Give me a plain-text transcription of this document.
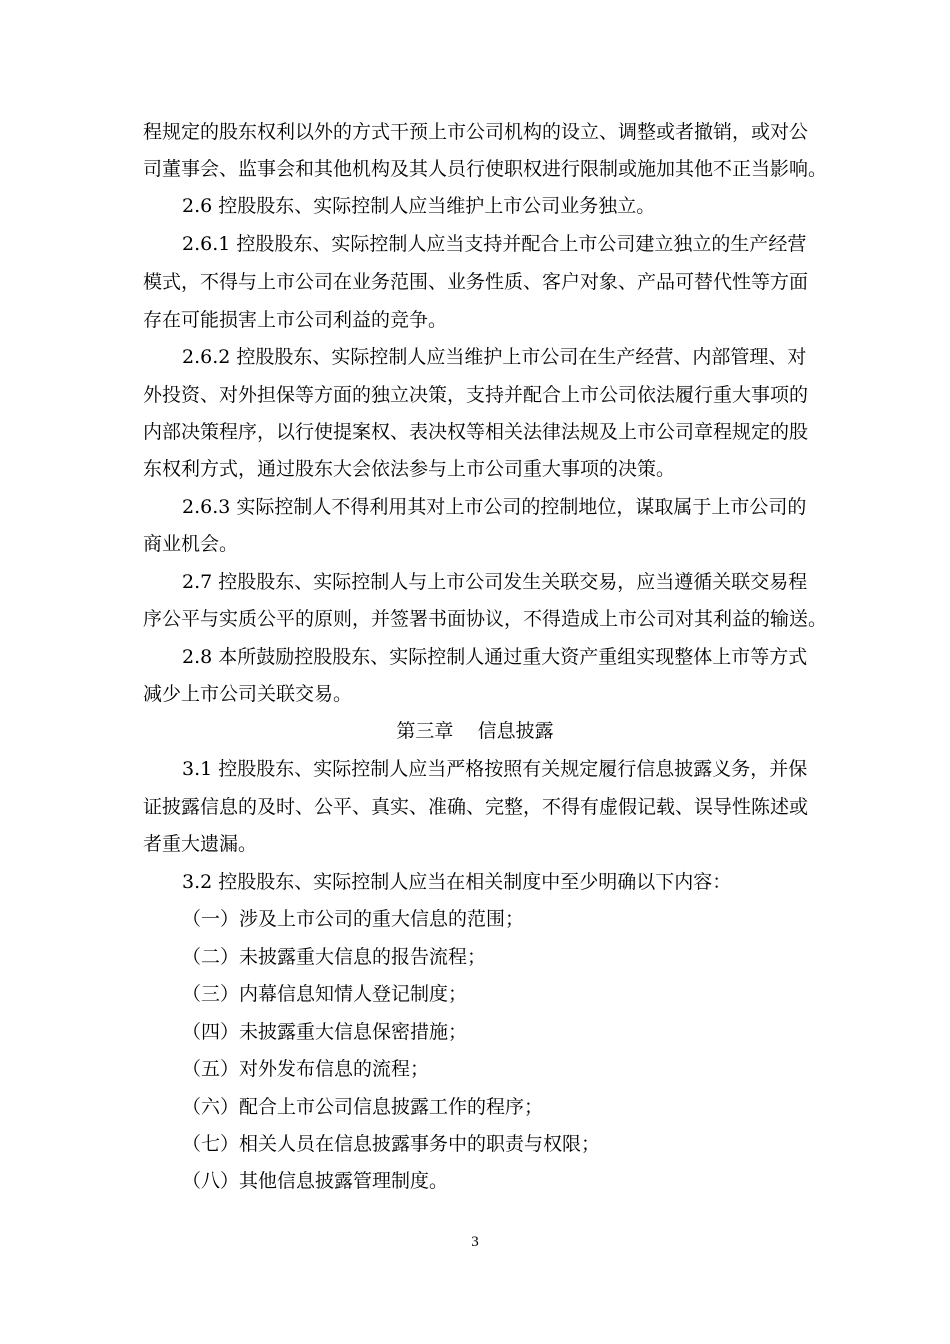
程规定的股东权利以外的方式干预上市公司机构的设立、调整或者撤销，或对公
司董事会、监事会和其他机构及其人员行使职权进行限制或施加其他不正当影响。
2.6 控股股东、实际控制人应当维护上市公司业务独立。
2.6.1 控股股东、实际控制人应当支持并配合上市公司建立独立的生产经营
模式，不得与上市公司在业务范围、业务性质、客户对象、产品可替代性等方面
存在可能损害上市公司利益的竞争。
2.6.2 控股股东、实际控制人应当维护上市公司在生产经营、内部管理、对
外投资、对外担保等方面的独立决策，支持并配合上市公司依法履行重大事项的
内部决策程序，以行使提案权、表决权等相关法律法规及上市公司章程规定的股
东权利方式，通过股东大会依法参与上市公司重大事项的决策。
2.6.3 实际控制人不得利用其对上市公司的控制地位，谋取属于上市公司的
商业机会。
2.7 控股股东、实际控制人与上市公司发生关联交易，应当遵循关联交易程
序公平与实质公平的原则，并签署书面协议，不得造成上市公司对其利益的输送。
2.8 本所鼓励控股股东、实际控制人通过重大资产重组实现整体上市等方式
减少上市公司关联交易。
第三章    信息披露
3.1 控股股东、实际控制人应当严格按照有关规定履行信息披露义务，并保
证披露信息的及时、公平、真实、准确、完整，不得有虚假记载、误导性陈述或
者重大遗漏。
3.2 控股股东、实际控制人应当在相关制度中至少明确以下内容：
（一）涉及上市公司的重大信息的范围；
（二）未披露重大信息的报告流程；
（三）内幕信息知情人登记制度；
（四）未披露重大信息保密措施；
（五）对外发布信息的流程；
（六）配合上市公司信息披露工作的程序；
（七）相关人员在信息披露事务中的职责与权限；
（八）其他信息披露管理制度。
3
